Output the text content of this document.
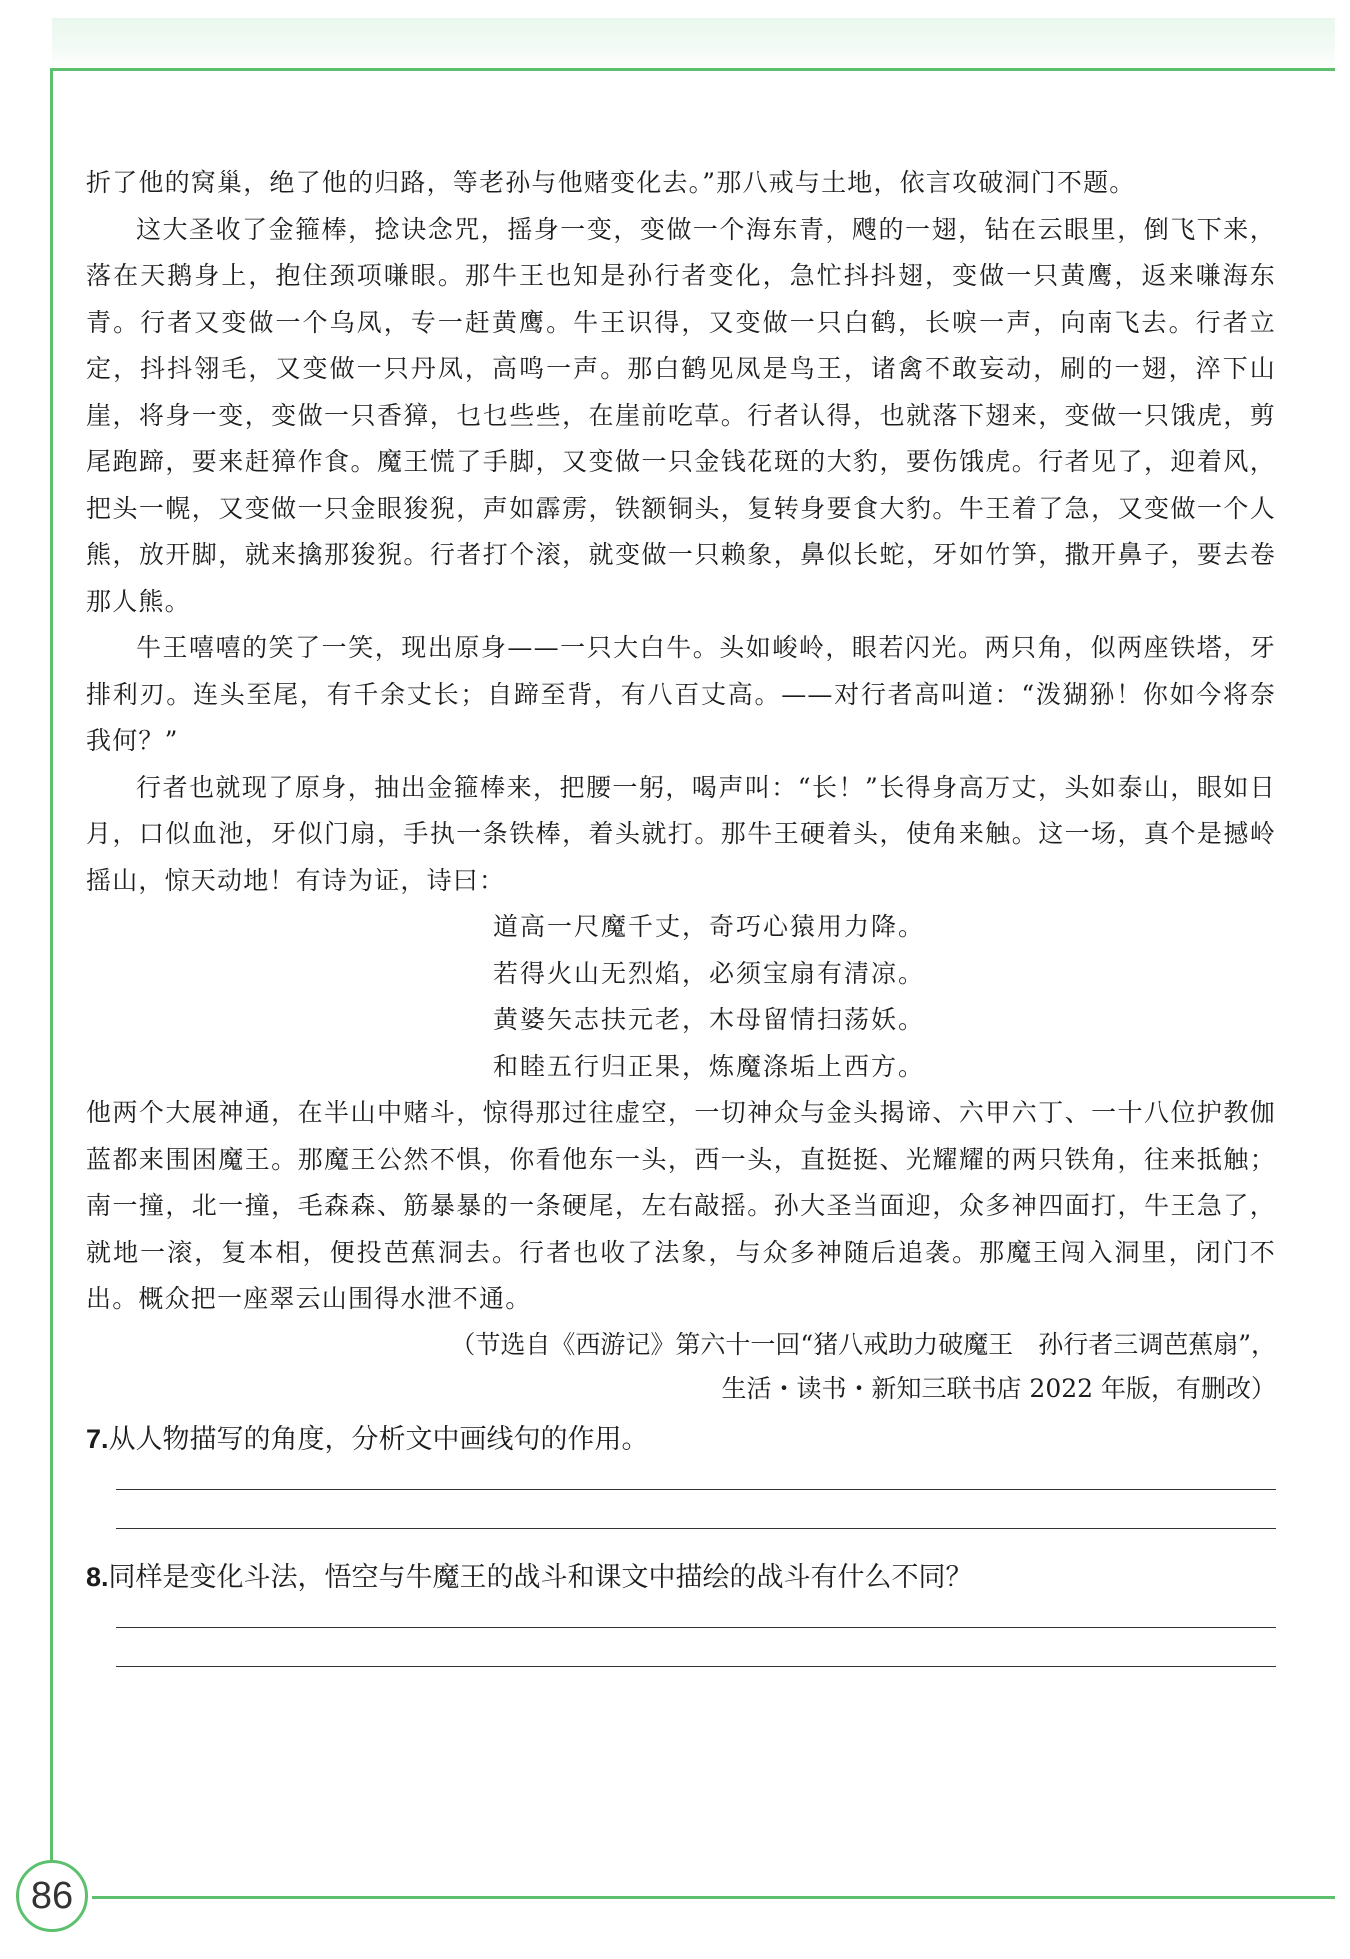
折了他的窝巢，绝了他的归路，等老孙与他赌变化去。”那八戒与土地，依言攻破洞门不题。

这大圣收了金箍棒，捻诀念咒，摇身一变，变做一个海东青，飕的一翅，钻在云眼里，倒飞下来，落在天鹅身上，抱住颈项嗛眼。那牛王也知是孙行者变化，急忙抖抖翅，变做一只黄鹰，返来嗛海东青。行者又变做一个乌凤，专一赶黄鹰。牛王识得，又变做一只白鹤，长唳一声，向南飞去。行者立定，抖抖翎毛，又变做一只丹凤，高鸣一声。那白鹤见凤是鸟王，诸禽不敢妄动，刷的一翅，淬下山崖，将身一变，变做一只香獐，乜乜些些，在崖前吃草。行者认得，也就落下翅来，变做一只饿虎，剪尾跑蹄，要来赶獐作食。魔王慌了手脚，又变做一只金钱花斑的大豹，要伤饿虎。行者见了，迎着风，把头一幌，又变做一只金眼狻猊，声如霹雳，铁额铜头，复转身要食大豹。牛王着了急，又变做一个人熊，放开脚，就来擒那狻猊。行者打个滚，就变做一只赖象，鼻似长蛇，牙如竹笋，撒开鼻子，要去卷那人熊。

牛王嘻嘻的笑了一笑，现出原身——一只大白牛。头如峻岭，眼若闪光。两只角，似两座铁塔，牙排利刃。连头至尾，有千余丈长；自蹄至背，有八百丈高。——对行者高叫道：“泼猢狲！你如今将奈我何？”

行者也就现了原身，抽出金箍棒来，把腰一躬，喝声叫：“长！”长得身高万丈，头如泰山，眼如日月，口似血池，牙似门扇，手执一条铁棒，着头就打。那牛王硬着头，使角来触。这一场，真个是撼岭摇山，惊天动地！有诗为证，诗曰：

道高一尺魔千丈，奇巧心猿用力降。
若得火山无烈焰，必须宝扇有清凉。
黄婆矢志扶元老，木母留情扫荡妖。
和睦五行归正果，炼魔涤垢上西方。

他两个大展神通，在半山中赌斗，惊得那过往虚空，一切神众与金头揭谛、六甲六丁、一十八位护教伽蓝都来围困魔王。那魔王公然不惧，你看他东一头，西一头，直挺挺、光耀耀的两只铁角，往来抵触；南一撞，北一撞，毛森森、筋暴暴的一条硬尾，左右敲摇。孙大圣当面迎，众多神四面打，牛王急了，就地一滚，复本相，便投芭蕉洞去。行者也收了法象，与众多神随后追袭。那魔王闯入洞里，闭门不出。概众把一座翠云山围得水泄不通。

（节选自《西游记》第六十一回“猪八戒助力破魔王　孙行者三调芭蕉扇”，
生活・读书・新知三联书店 2022 年版，有删改）
7.从人物描写的角度，分析文中画线句的作用。
8.同样是变化斗法，悟空与牛魔王的战斗和课文中描绘的战斗有什么不同？
86
